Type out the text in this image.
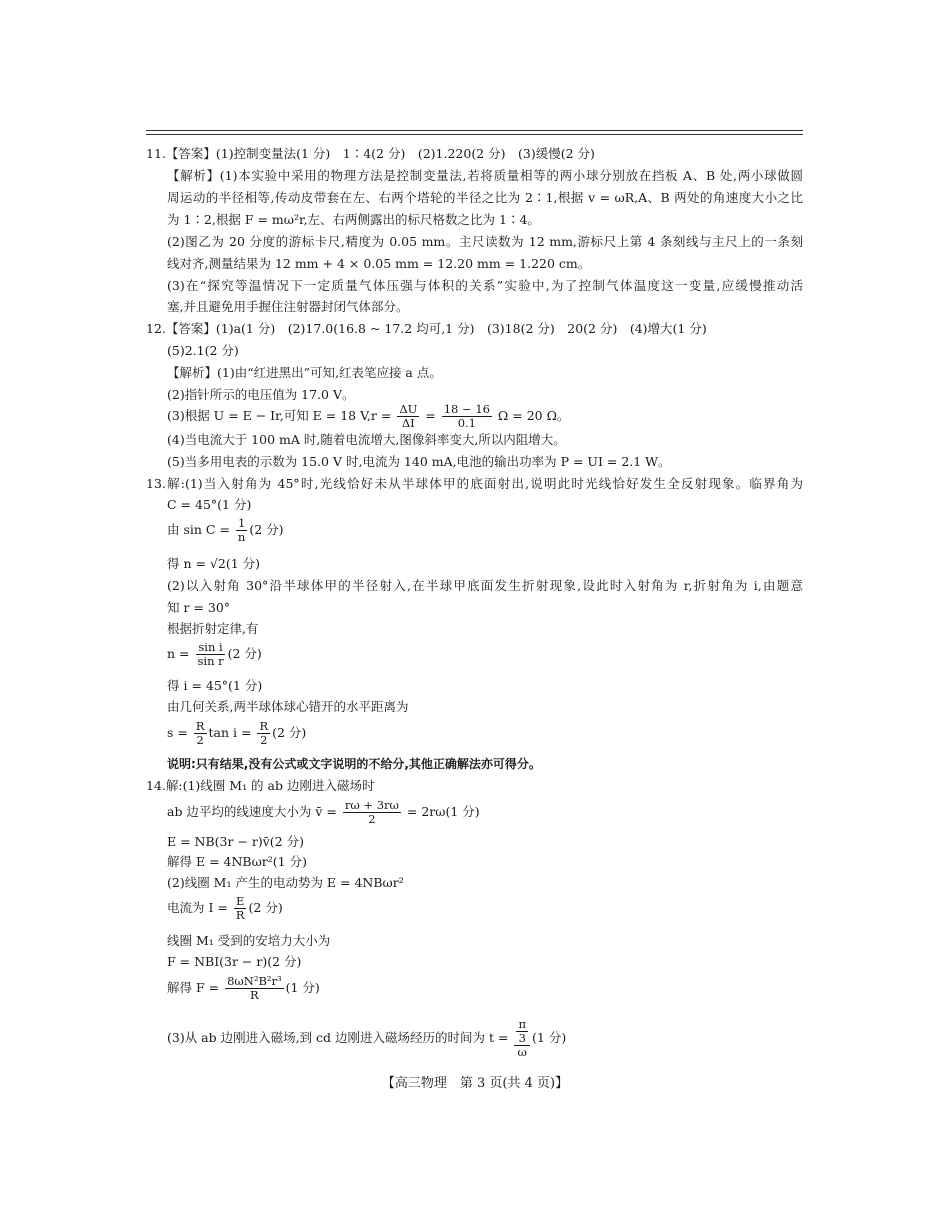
11.【答案】(1)控制变量法(1 分)　1∶4(2 分)　(2)1.220(2 分)　(3)缓慢(2 分)
【解析】(1)本实验中采用的物理方法是控制变量法,若将质量相等的两小球分别放在挡板 A、B 处,两小球做圆
周运动的半径相等,传动皮带套在左、右两个塔轮的半径之比为 2∶1,根据 v = ωR,A、B 两处的角速度大小之比
为 1∶2,根据 F = mω²r,左、右两侧露出的标尺格数之比为 1∶4。
(2)图乙为 20 分度的游标卡尺,精度为 0.05 mm。主尺读数为 12 mm,游标尺上第 4 条刻线与主尺上的一条刻
线对齐,测量结果为 12 mm + 4 × 0.05 mm = 12.20 mm = 1.220 cm。
(3)在“探究等温情况下一定质量气体压强与体积的关系”实验中,为了控制气体温度这一变量,应缓慢推动活
塞,并且避免用手握住注射器封闭气体部分。
12.【答案】(1)a(1 分)　(2)17.0(16.8 ~ 17.2 均可,1 分)　(3)18(2 分)　20(2 分)　(4)增大(1 分)
(5)2.1(2 分)
【解析】(1)由“红进黑出”可知,红表笔应接 a 点。
(2)指针所示的电压值为 17.0 V。
(3)根据 U = E − Ir,可知 E = 18 $V,r = \frac{\Delta U}{\Delta I} = \frac{18 - 16}{0.1}$ Ω = 20 Ω。
(4)当电流大于 100 mA 时,随着电流增大,图像斜率变大,所以内阻增大。
(5)当多用电表的示数为 15.0 V 时,电流为 140 mA,电池的输出功率为 P = UI = 2.1 W。
13.解:(1)当入射角为 45°时,光线恰好未从半球体甲的底面射出,说明此时光线恰好发生全反射现象。临界角为
C = 45°(1 分)
由 $\sin C = \frac{1}{n} (2$ 分)
得 n = √2(1 分)
(2)以入射角 30°沿半球体甲的半径射入,在半球甲底面发生折射现象,设此时入射角为 r,折射角为 i,由题意
知 r = 30°
根据折射定律,有
$n = \frac{\text{sin i}}{\text{sin r}} (2$ 分)
得 i = 45°(1 分)
由几何关系,两半球体球心错开的水平距离为
$s = \frac{R}{2}$ $\tan i = \frac{R}{2} (2$ 分)
说明:只有结果,没有公式或文字说明的不给分,其他正确解法亦可得分。
14.解:(1)线圈 M₁ 的 ab 边刚进入磁场时
ab 边平均的线速度大小为 v̄ = $\frac{r\omega + 3r\omega}{2} = 2r\omega(1$ 分)
E = NB(3r − r)v̄(2 分)
解得 E = 4NBωr²(1 分)
(2)线圈 M₁ 产生的电动势为 E = 4NBωr²
电流为 $I = \frac{E}{R} (2$ 分)
线圈 M₁ 受到的安培力大小为
F = NBI(3r − r)(2 分)
解得 $F = \frac{\text{8ωN²B²r³}}{R} (1$ 分)
(3)从 ab 边刚进入磁场,到 cd 边刚进入磁场经历的时间为 $t = \frac{\frac{\pi}{3}}{\omega} (1$ 分)
【高三物理　第 3 页(共 4 页)】
